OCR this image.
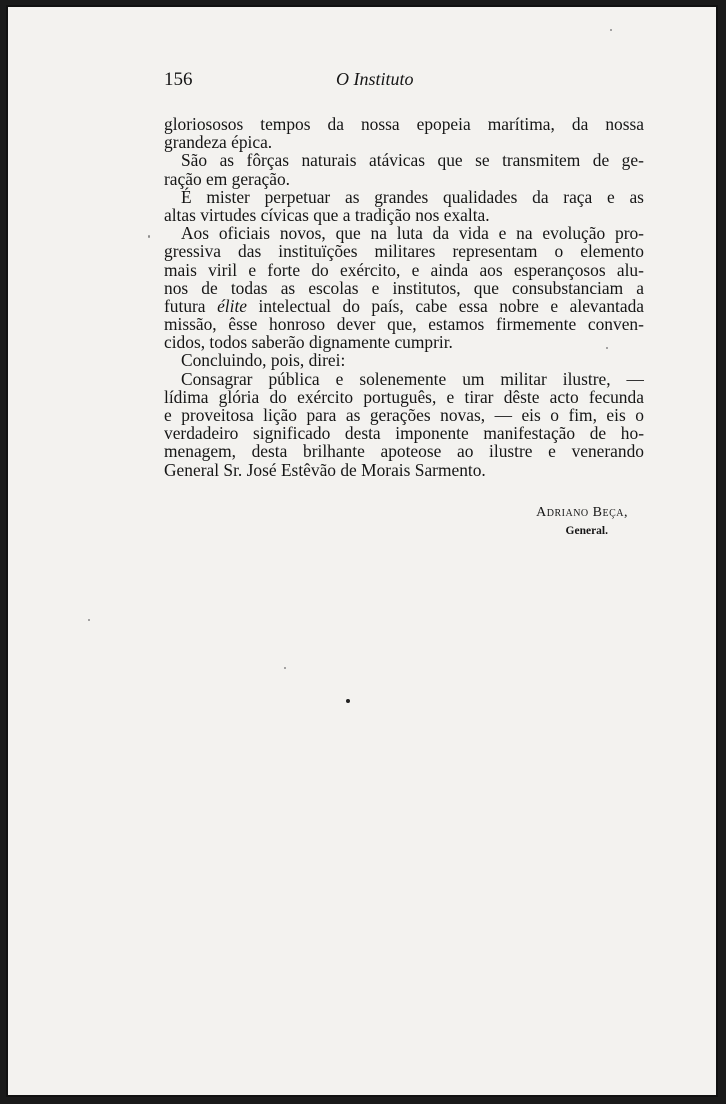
156	O Instituto
gloriososos tempos da nossa epopeia marítima, da nossa
grandeza
épica.
São as fôrças naturais atávicas que se transmitem de ge-
ração
em
geração.
É mister perpetuar as grandes qualidades da raça e as
altas
virtudes
cívicas
que
a
tradição
nos
exalta.
Aos oficiais novos, que na luta da vida e na evolução pro-
gressiva das instituïções militares representam o elemento
mais viril e forte do exército, e ainda aos esperançosos alu-
nos de todas as escolas e institutos, que consubstanciam a
futura élite intelectual do país, cabe essa nobre e alevantada
missão, êsse honroso dever que, estamos firmemente conven-
cidos,
todos
saberão
dignamente
cumprir.
Concluindo,
pois,
direi:
Consagrar pública e solenemente um militar ilustre, —
lídima glória do exército português, e tirar dêste acto fecunda
e proveitosa lição para as gerações novas, — eis o fim, eis o
verdadeiro significado desta imponente manifestação de ho-
menagem, desta brilhante apoteose ao ilustre e venerando
General
Sr.
José
Estêvão
de
Morais
Sarmento.
Adriano Beça,
General.
